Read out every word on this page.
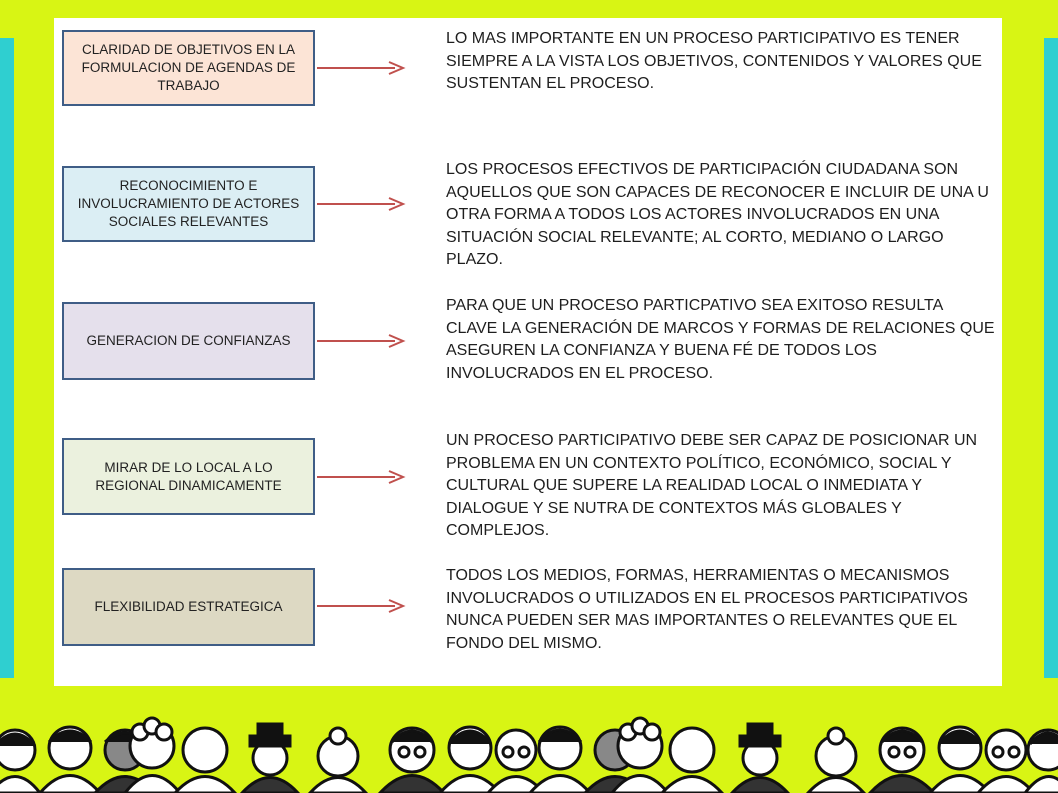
CLARIDAD DE OBJETIVOS EN LA FORMULACION DE AGENDAS DE TRABAJO

LO MAS IMPORTANTE EN UN PROCESO PARTICIPATIVO ES TENER SIEMPRE A LA VISTA LOS OBJETIVOS, CONTENIDOS Y VALORES QUE SUSTENTAN EL PROCESO.

RECONOCIMIENTO E INVOLUCRAMIENTO DE ACTORES SOCIALES RELEVANTES

LOS PROCESOS EFECTIVOS DE PARTICIPACIÓN CIUDADANA SON AQUELLOS QUE SON CAPACES DE RECONOCER E INCLUIR DE UNA U OTRA FORMA A TODOS LOS ACTORES INVOLUCRADOS EN UNA SITUACIÓN SOCIAL RELEVANTE; AL CORTO, MEDIANO O LARGO PLAZO.

GENERACION DE CONFIANZAS

PARA QUE UN PROCESO PARTICPATIVO SEA EXITOSO RESULTA CLAVE LA GENERACIÓN DE MARCOS Y FORMAS DE RELACIONES QUE ASEGUREN LA CONFIANZA Y BUENA FÉ DE TODOS LOS INVOLUCRADOS EN EL PROCESO.

MIRAR DE LO LOCAL A LO REGIONAL DINAMICAMENTE

UN PROCESO PARTICIPATIVO DEBE SER CAPAZ DE POSICIONAR UN PROBLEMA EN UN CONTEXTO POLÍTICO, ECONÓMICO, SOCIAL Y CULTURAL QUE SUPERE LA REALIDAD LOCAL O INMEDIATA Y DIALOGUE Y SE NUTRA DE CONTEXTOS MÁS GLOBALES Y COMPLEJOS.

FLEXIBILIDAD ESTRATEGICA

TODOS LOS MEDIOS, FORMAS, HERRAMIENTAS O MECANISMOS INVOLUCRADOS O UTILIZADOS EN EL PROCESOS PARTICIPATIVOS NUNCA PUEDEN SER MAS IMPORTANTES O RELEVANTES QUE EL FONDO DEL MISMO.
